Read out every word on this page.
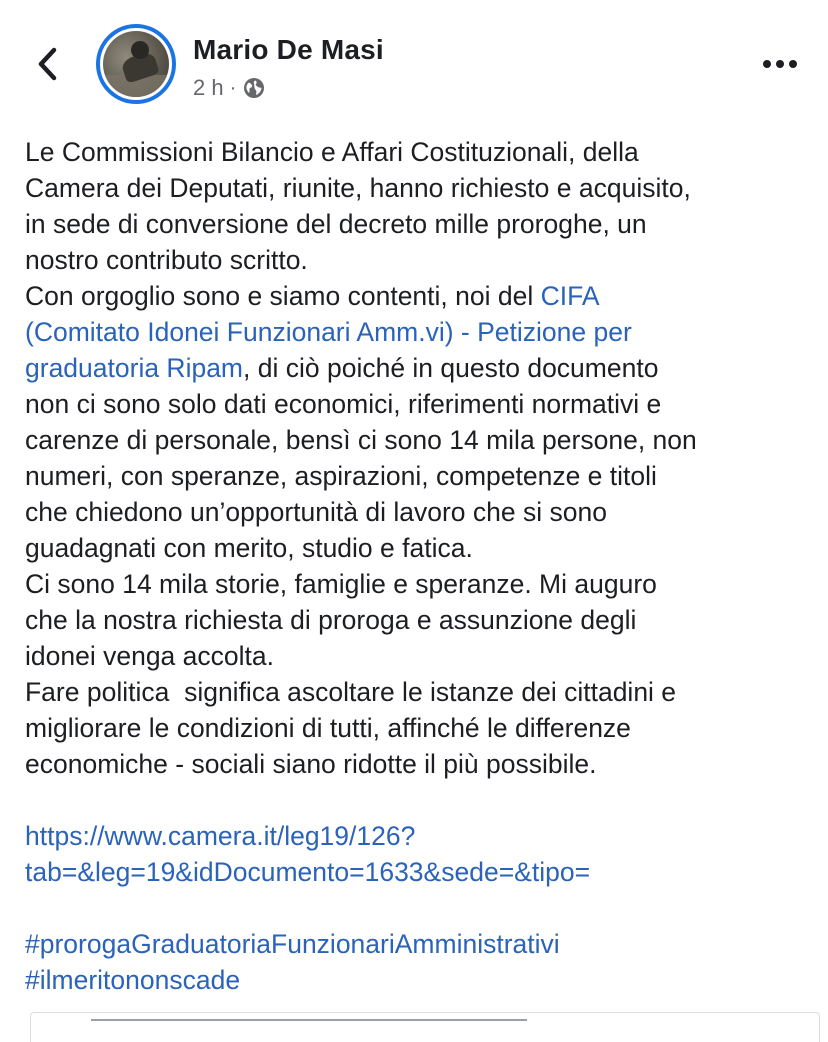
Mario De Masi
2 h ·
Le Commissioni Bilancio e Affari Costituzionali, della
Camera dei Deputati, riunite, hanno richiesto e acquisito,
in sede di conversione del decreto mille proroghe, un
nostro contributo scritto.
Con orgoglio sono e siamo contenti, noi del CIFA
(Comitato Idonei Funzionari Amm.vi) - Petizione per
graduatoria Ripam, di ciò poiché in questo documento
non ci sono solo dati economici, riferimenti normativi e
carenze di personale, bensì ci sono 14 mila persone, non
numeri, con speranze, aspirazioni, competenze e titoli
che chiedono un’opportunità di lavoro che si sono
guadagnati con merito, studio e fatica.
Ci sono 14 mila storie, famiglie e speranze. Mi auguro
che la nostra richiesta di proroga e assunzione degli
idonei venga accolta.
Fare politica  significa ascoltare le istanze dei cittadini e
migliorare le condizioni di tutti, affinché le differenze
economiche - sociali siano ridotte il più possibile.
https://www.camera.it/leg19/126?
tab=&leg=19&idDocumento=1633&sede=&tipo=
#prorogaGraduatoriaFunzionariAmministrativi
#ilmeritononscade
